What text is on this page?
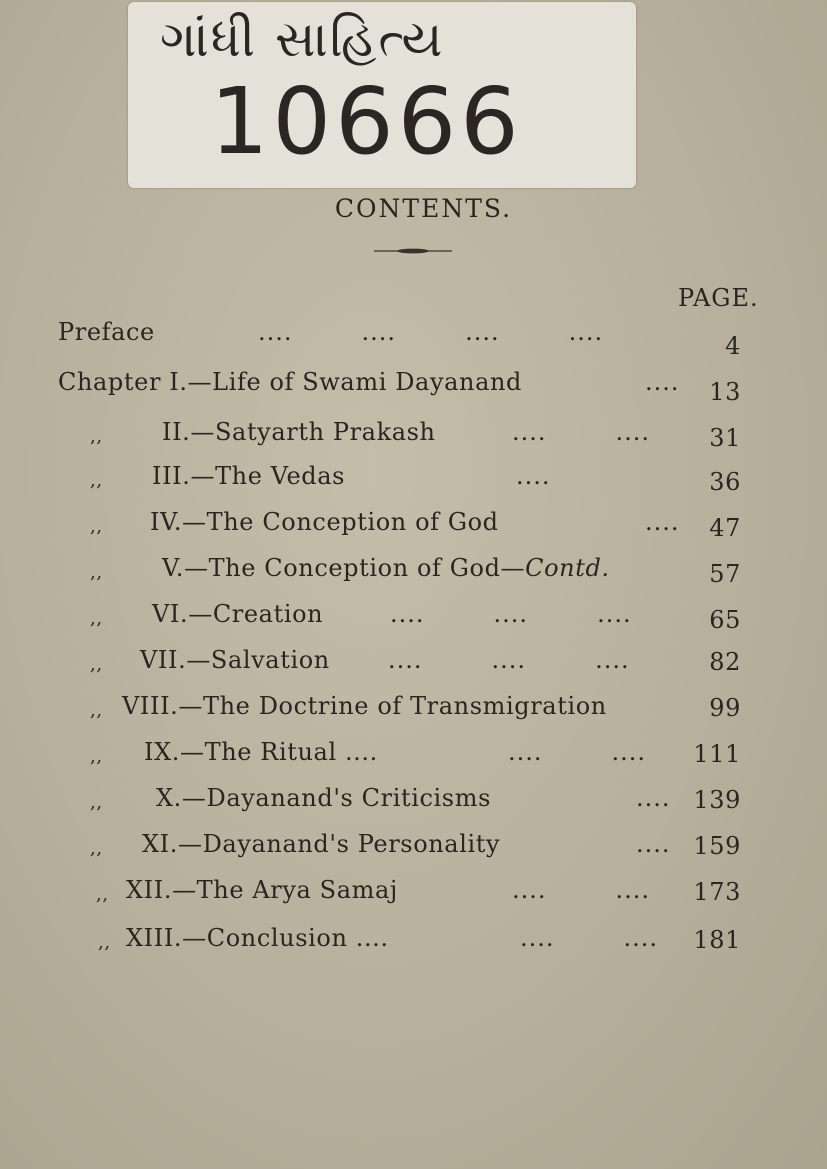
ગાંધી સાહિત્ય
10666
CONTENTS.
PAGE.
Preface	....        ....        ....        ....	4
Chapter I.—Life of Swami Dayanand	.... 13
,, II.—Satyarth Prakash	....        .... 31
,, III.—The Vedas	....	36
,, IV.—The Conception of God	.... 47
,, V.—The Conception of God—Contd.	57
,, VI.—Creation	....        ....        ....	65
,, VII.—Salvation ....        ....        ....	82
,, VIII.—The Doctrine of Transmigration	99
,, IX.—The Ritual ....	....        .... 111
,, X.—Dayanand's Criticisms	.... 139
,, XI.—Dayanand's Personality	.... 159
,, XII.—The Arya Samaj	....        .... 173
,, XIII.—Conclusion ....	....        .... 181
